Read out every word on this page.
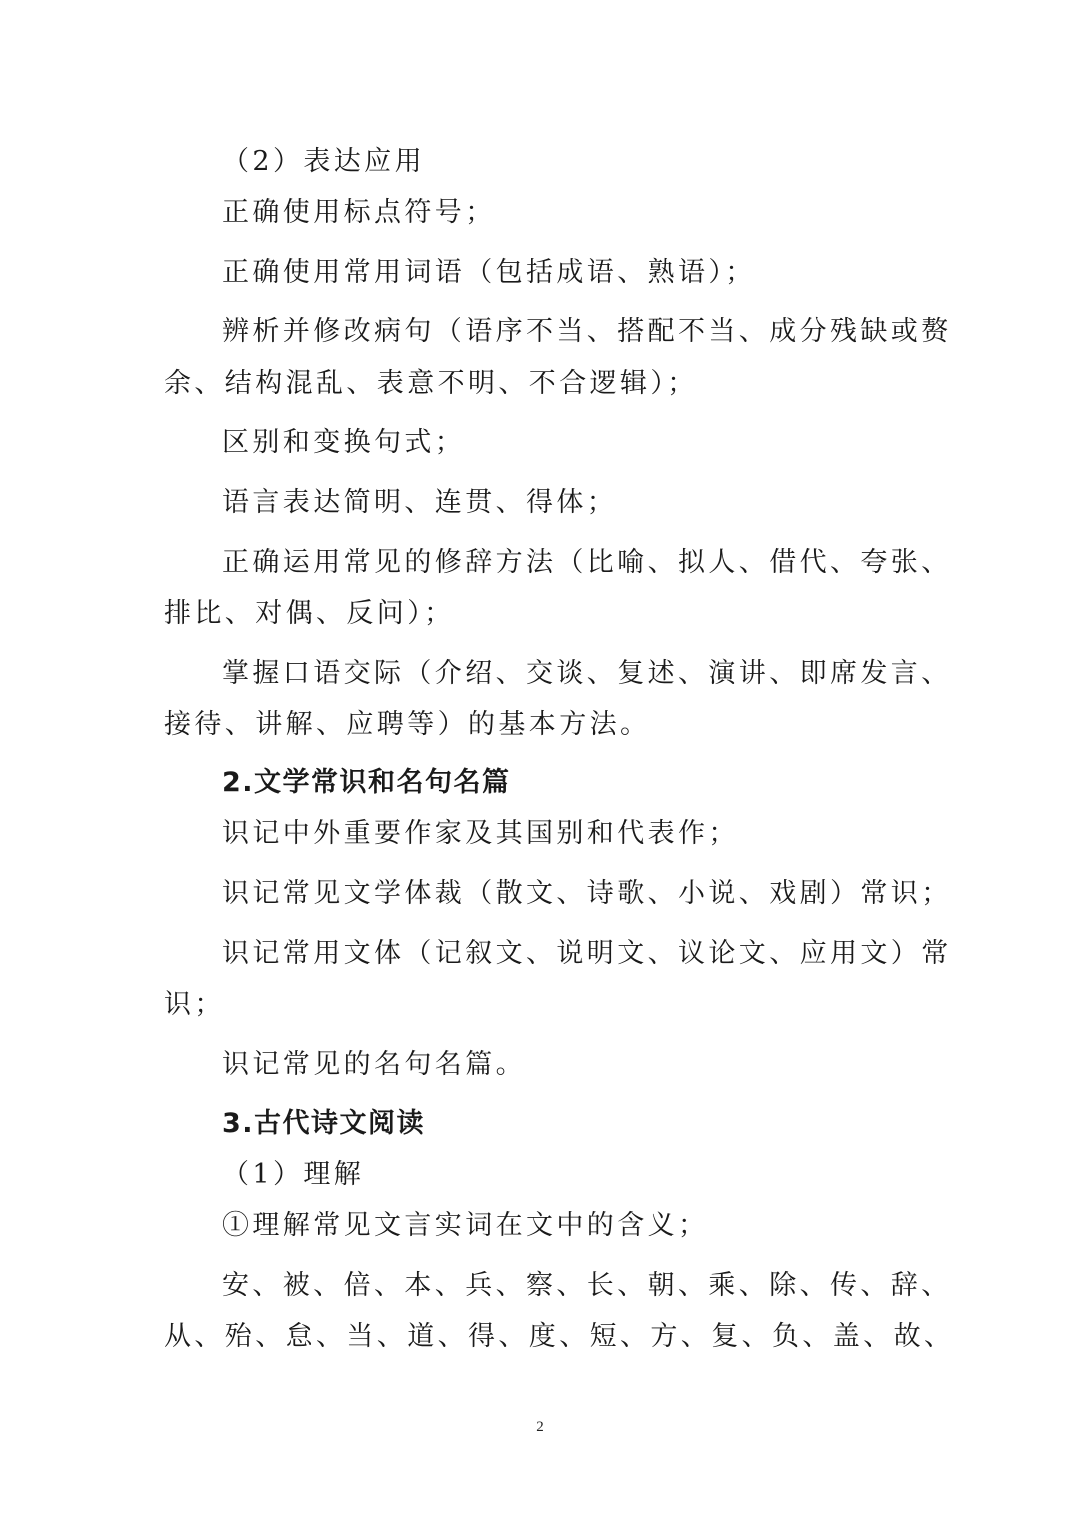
（2）表达应用
正确使用标点符号；
正确使用常用词语（包括成语、熟语）；
辨析并修改病句（语序不当、搭配不当、成分残缺或赘
余、结构混乱、表意不明、不合逻辑）；
区别和变换句式；
语言表达简明、连贯、得体；
正确运用常见的修辞方法（比喻、拟人、借代、夸张、
排比、对偶、反问）；
掌握口语交际（介绍、交谈、复述、演讲、即席发言、
接待、讲解、应聘等）的基本方法。
2.文学常识和名句名篇
识记中外重要作家及其国别和代表作；
识记常见文学体裁（散文、诗歌、小说、戏剧）常识；
识记常用文体（记叙文、说明文、议论文、应用文）常
识；
识记常见的名句名篇。
3.古代诗文阅读
（1）理解
①理解常见文言实词在文中的含义；
安、被、倍、本、兵、察、长、朝、乘、除、传、辞、
从、殆、怠、当、道、得、度、短、方、复、负、盖、故、
2
